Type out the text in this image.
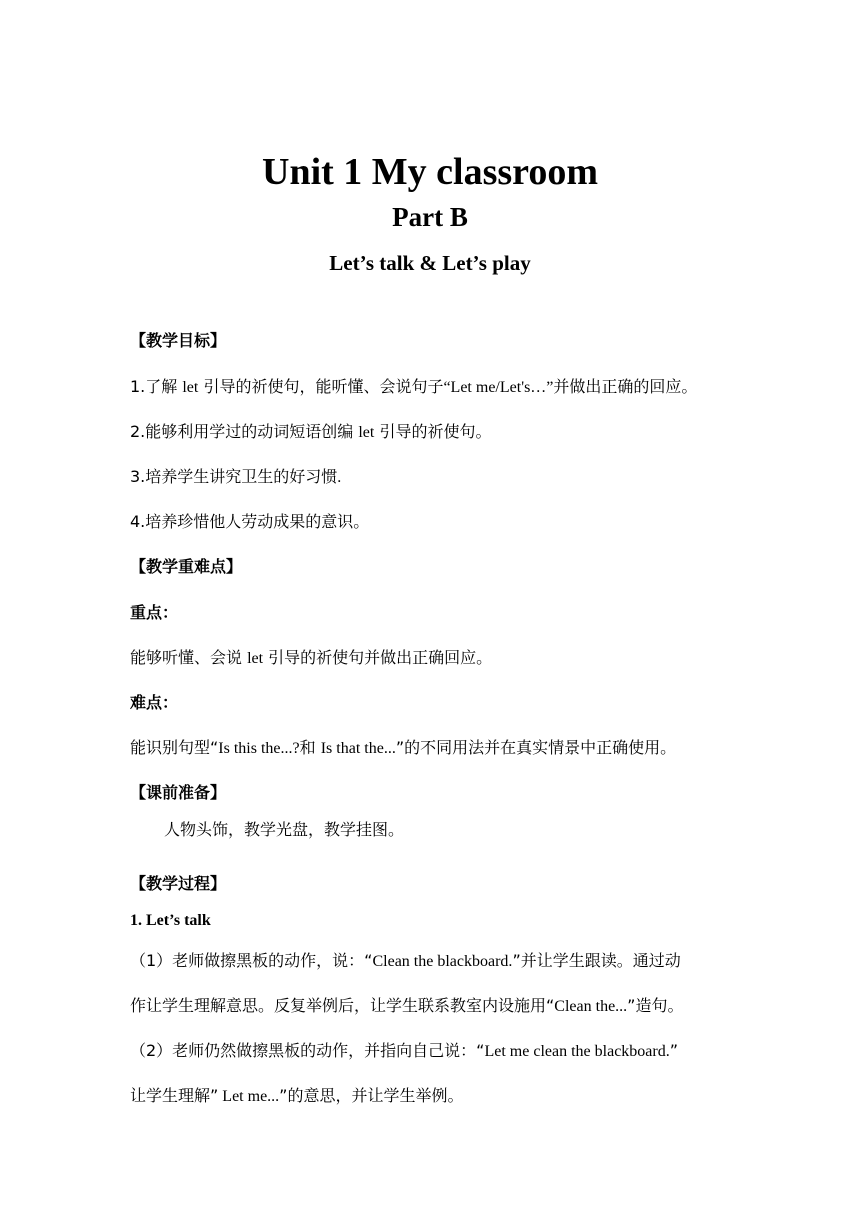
Unit 1 My classroom
Part B
Let’s talk & Let’s play
【教学目标】
1.了解 let 引导的祈使句，能听懂、会说句子“Let me/Let's…”并做出正确的回应。
2.能够利用学过的动词短语创编 let 引导的祈使句。
3.培养学生讲究卫生的好习惯.
4.培养珍惜他人劳动成果的意识。
【教学重难点】
重点：
能够听懂、会说 let 引导的祈使句并做出正确回应。
难点：
能识别句型“Is this the...?和 Is that the...”的不同用法并在真实情景中正确使用。
【课前准备】
人物头饰，教学光盘，教学挂图。
【教学过程】
1. Let’s talk
（1）老师做擦黑板的动作，说：“Clean the blackboard.”并让学生跟读。通过动
作让学生理解意思。反复举例后，让学生联系教室内设施用“Clean the...”造句。
（2）老师仍然做擦黑板的动作，并指向自己说：“Let me clean the blackboard.”
让学生理解” Let me...”的意思，并让学生举例。
